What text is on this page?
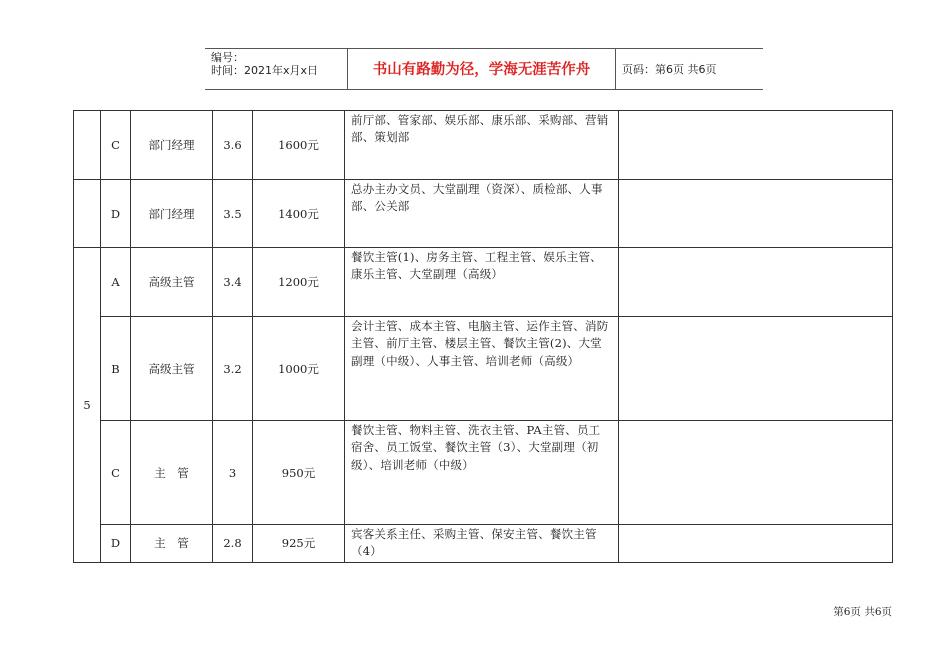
编号：
时间：2021年x月x日	书山有路勤为径，学海无涯苦作舟	页码：第6页 共6页
	C	部门经理	3.6	1600元	前厅部、管家部、娱乐部、康乐部、采购部、营销部、策划部	
	D	部门经理	3.5	1400元	总办主办文员、大堂副理（资深）、质检部、人事部、公关部	
5	A	高级主管	3.4	1200元	餐饮主管(1)、房务主管、工程主管、娱乐主管、康乐主管、大堂副理（高级）	
	B	高级主管	3.2	1000元	会计主管、成本主管、电脑主管、运作主管、消防主管、前厅主管、楼层主管、餐饮主管(2)、大堂副理（中级）、人事主管、培训老师（高级）	
	C	主　管	3	950元	餐饮主管、物料主管、洗衣主管、PA主管、员工宿舍、员工饭堂、餐饮主管（3）、大堂副理（初级）、培训老师（中级）	
	D	主　管	2.8	925元	宾客关系主任、采购主管、保安主管、餐饮主管（4）	
第6页 共6页
